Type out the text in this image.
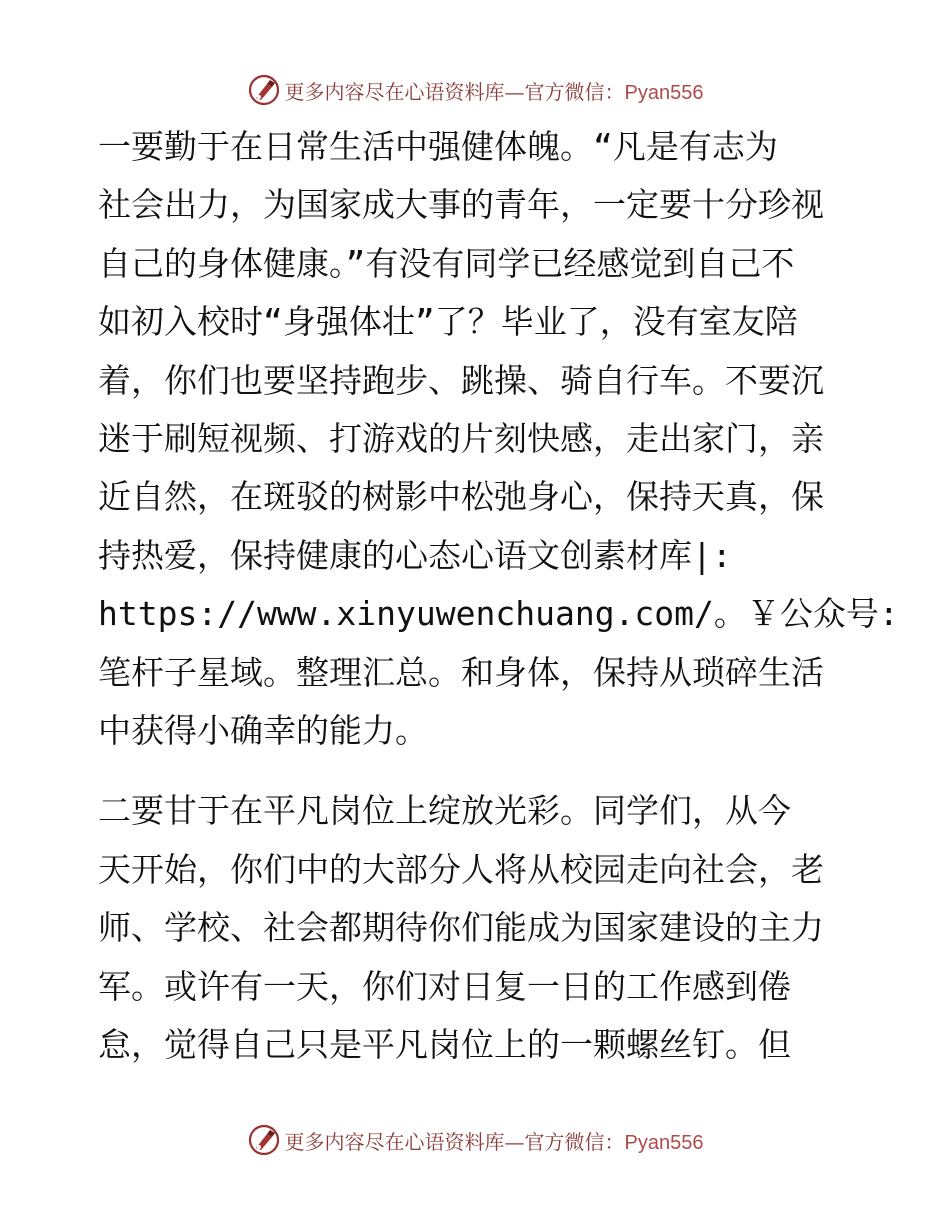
更多内容尽在心语资料库—官方微信：Pyan556

一要勤于在日常生活中强健体魄。“凡是有志为
社会出力，为国家成大事的青年，一定要十分珍视
自己的身体健康。”有没有同学已经感觉到自己不
如初入校时“身强体壮”了？毕业了，没有室友陪
着，你们也要坚持跑步、跳操、骑自行车。不要沉
迷于刷短视频、打游戏的片刻快感，走出家门，亲
近自然，在斑驳的树影中松弛身心，保持天真，保
持热爱，保持健康的心态心语文创素材库|:
https://www.xinyuwenchuang.com/。￥公众号:
笔杆子星域。整理汇总。和身体，保持从琐碎生活
中获得小确幸的能力。

二要甘于在平凡岗位上绽放光彩。同学们，从今
天开始，你们中的大部分人将从校园走向社会，老
师、学校、社会都期待你们能成为国家建设的主力
军。或许有一天，你们对日复一日的工作感到倦
怠，觉得自己只是平凡岗位上的一颗螺丝钉。但

更多内容尽在心语资料库—官方微信：Pyan556
